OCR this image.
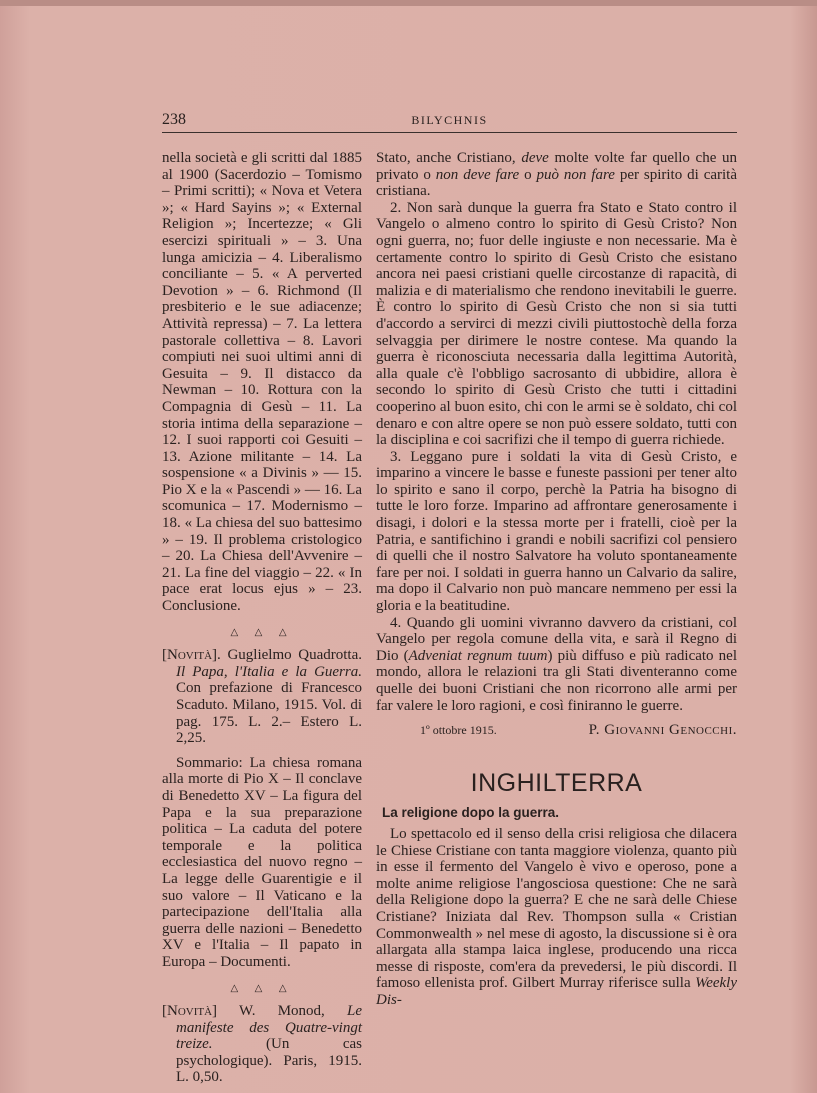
238	BILYCHNIS

nella società e gli scritti dal 1885 al 1900 (Sacerdozio – Tomismo – Primi scritti); « Nova et Vetera »; « Hard Sayins »; « External Religion »; Incertezze; « Gli esercizi spirituali » – 3. Una lunga amicizia – 4. Liberalismo conciliante – 5. « A perverted Devotion » – 6. Richmond (Il presbiterio e le sue adiacenze; Attività repressa) – 7. La lettera pastorale collettiva – 8. Lavori compiuti nei suoi ultimi anni di Gesuita – 9. Il distacco da Newman – 10. Rottura con la Compagnia di Gesù – 11. La storia intima della separazione – 12. I suoi rapporti coi Gesuiti – 13. Azione militante – 14. La sospensione « a Divinis » — 15. Pio X e la « Pascendi » — 16. La scomunica – 17. Modernismo – 18. « La chiesa del suo battesimo » – 19. Il problema cristologico – 20. La Chiesa dell'Avvenire – 21. La fine del viaggio – 22. « In pace erat locus ejus » – 23. Conclusione.

△ △ △

[Novità]. Guglielmo Quadrotta. Il Papa, l'Italia e la Guerra. Con prefazione di Francesco Scaduto. Milano, 1915. Vol. di pag. 175. L. 2.– Estero L. 2,25.

Sommario: La chiesa romana alla morte di Pio X – Il conclave di Benedetto XV – La figura del Papa e la sua preparazione politica – La caduta del potere temporale e la politica ecclesiastica del nuovo regno – La legge delle Guarentigie e il suo valore – Il Vaticano e la partecipazione dell'Italia alla guerra delle nazioni – Benedetto XV e l'Italia – Il papato in Europa – Documenti.

△ △ △

[Novità] W. Monod, Le manifeste des Quatre-vingt treize.	(Un cas psychologique). Paris, 1915. L. 0,50.

Stato, anche Cristiano, deve molte volte far quello che un privato o non deve fare o può non fare per spirito di carità cristiana.

2. Non sarà dunque la guerra fra Stato e Stato contro il Vangelo o almeno contro lo spirito di Gesù Cristo? Non ogni guerra, no; fuor delle ingiuste e non necessarie. Ma è certamente contro lo spirito di Gesù Cristo che esistano ancora nei paesi cristiani quelle circostanze di rapacità, di malizia e di materialismo che rendono inevitabili le guerre. È contro lo spirito di Gesù Cristo che non si sia tutti d'accordo a servirci di mezzi civili piuttostochè della forza selvaggia per dirimere le nostre contese. Ma quando la guerra è riconosciuta necessaria dalla legittima Autorità, alla quale c'è l'obbligo sacrosanto di ubbidire, allora è secondo lo spirito di Gesù Cristo che tutti i cittadini cooperino al buon esito, chi con le armi se è soldato, chi col denaro e con altre opere se non può essere soldato, tutti con la disciplina e coi sacrifizi che il tempo di guerra richiede.

3. Leggano pure i soldati la vita di Gesù Cristo, e imparino a vincere le basse e funeste passioni per tener alto lo spirito e sano il corpo, perchè la Patria ha bisogno di tutte le loro forze. Imparino ad affrontare generosamente i disagi, i dolori e la stessa morte per i fratelli, cioè per la Patria, e santifichino i grandi e nobili sacrifizi col pensiero di quelli che il nostro Salvatore ha voluto spontaneamente fare per noi. I soldati in guerra hanno un Calvario da salire, ma dopo il Calvario non può mancare nemmeno per essi la gloria e la beatitudine.

4. Quando gli uomini vivranno davvero da cristiani, col Vangelo per regola comune della vita, e sarà il Regno di Dio (Adveniat regnum tuum) più diffuso e più radicato nel mondo, allora le relazioni tra gli Stati diventeranno come quelle dei buoni Cristiani che non ricorrono alle armi per far valere le loro ragioni, e così finiranno le guerre.

1º ottobre 1915.	P. Giovanni Genocchi.

INGHILTERRA

La religione dopo la guerra.

Lo spettacolo ed il senso della crisi religiosa che dilacera le Chiese Cristiane con tanta maggiore violenza, quanto più in esse il fermento del Vangelo è vivo e operoso, pone a molte anime religiose l'angosciosa questione: Che ne sarà della Religione dopo la guerra? E che ne sarà delle Chiese Cristiane? Iniziata dal Rev. Thompson sulla « Cristian Commonwealth » nel mese di agosto, la discussione si è ora allargata alla stampa laica inglese, producendo una ricca messe di risposte, com'era da prevedersi, le più discordi. Il famoso ellenista prof. Gilbert Murray riferisce sulla Weekly Dis-
